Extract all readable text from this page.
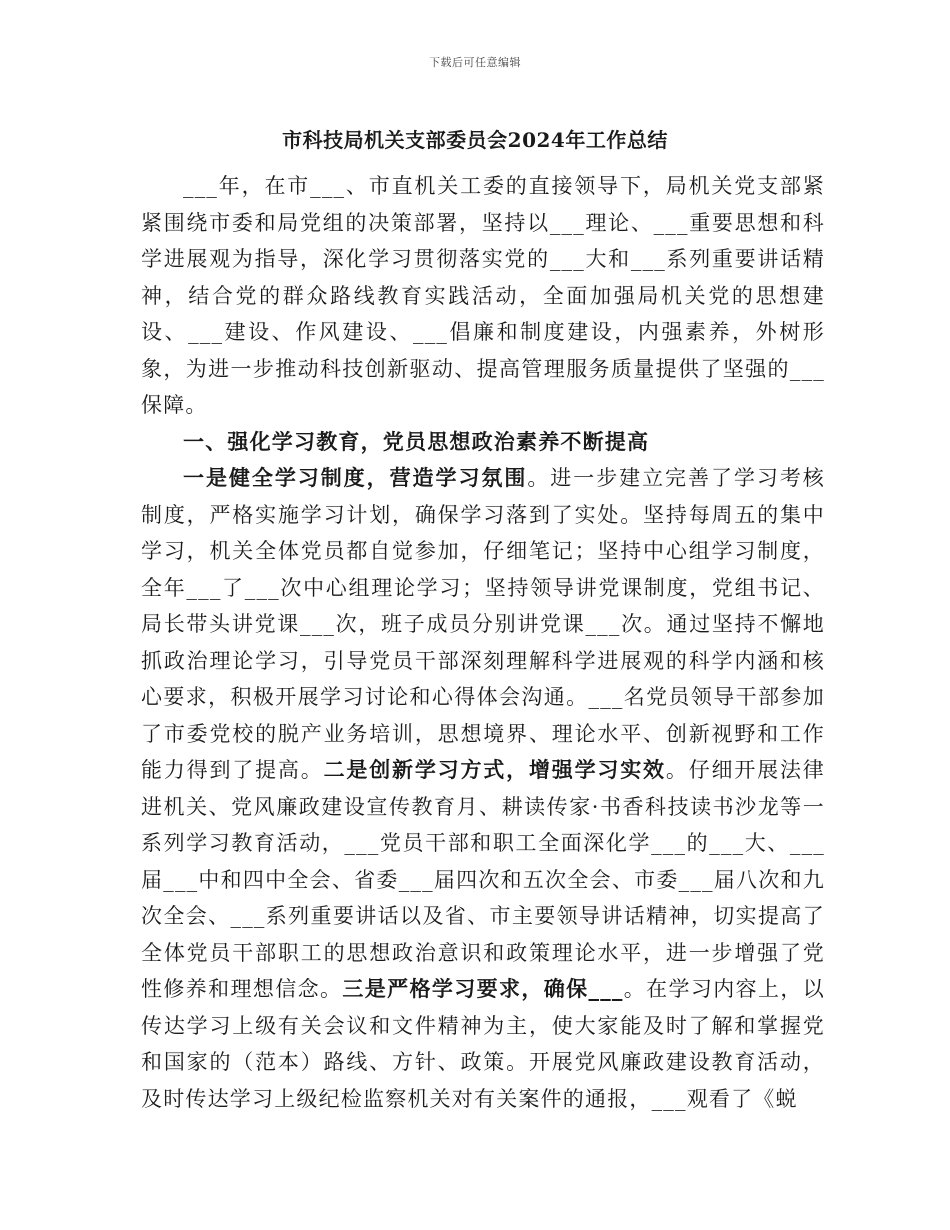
下载后可任意编辑
市科技局机关支部委员会2024年工作总结

___年，在市___、市直机关工委的直接领导下，局机关党支部紧紧围绕市委和局党组的决策部署，坚持以___理论、___重要思想和科学进展观为指导，深化学习贯彻落实党的___大和___系列重要讲话精神，结合党的群众路线教育实践活动，全面加强局机关党的思想建设、___建设、作风建设、___倡廉和制度建设，内强素养，外树形象，为进一步推动科技创新驱动、提高管理服务质量提供了坚强的___保障。

一、强化学习教育，党员思想政治素养不断提高

一是健全学习制度，营造学习氛围。进一步建立完善了学习考核制度，严格实施学习计划，确保学习落到了实处。坚持每周五的集中学习，机关全体党员都自觉参加，仔细笔记；坚持中心组学习制度，全年___了___次中心组理论学习；坚持领导讲党课制度，党组书记、局长带头讲党课___次，班子成员分别讲党课___次。通过坚持不懈地抓政治理论学习，引导党员干部深刻理解科学进展观的科学内涵和核心要求，积极开展学习讨论和心得体会沟通。___名党员领导干部参加了市委党校的脱产业务培训，思想境界、理论水平、创新视野和工作能力得到了提高。二是创新学习方式，增强学习实效。仔细开展法律进机关、党风廉政建设宣传教育月、耕读传家·书香科技读书沙龙等一系列学习教育活动，___党员干部和职工全面深化学___的___大、___届___中和四中全会、省委___届四次和五次全会、市委___届八次和九次全会、___系列重要讲话以及省、市主要领导讲话精神，切实提高了全体党员干部职工的思想政治意识和政策理论水平，进一步增强了党性修养和理想信念。三是严格学习要求，确保___。在学习内容上，以传达学习上级有关会议和文件精神为主，使大家能及时了解和掌握党和国家的（范本）路线、方针、政策。开展党风廉政建设教育活动，及时传达学习上级纪检监察机关对有关案件的通报，___观看了《蜕
